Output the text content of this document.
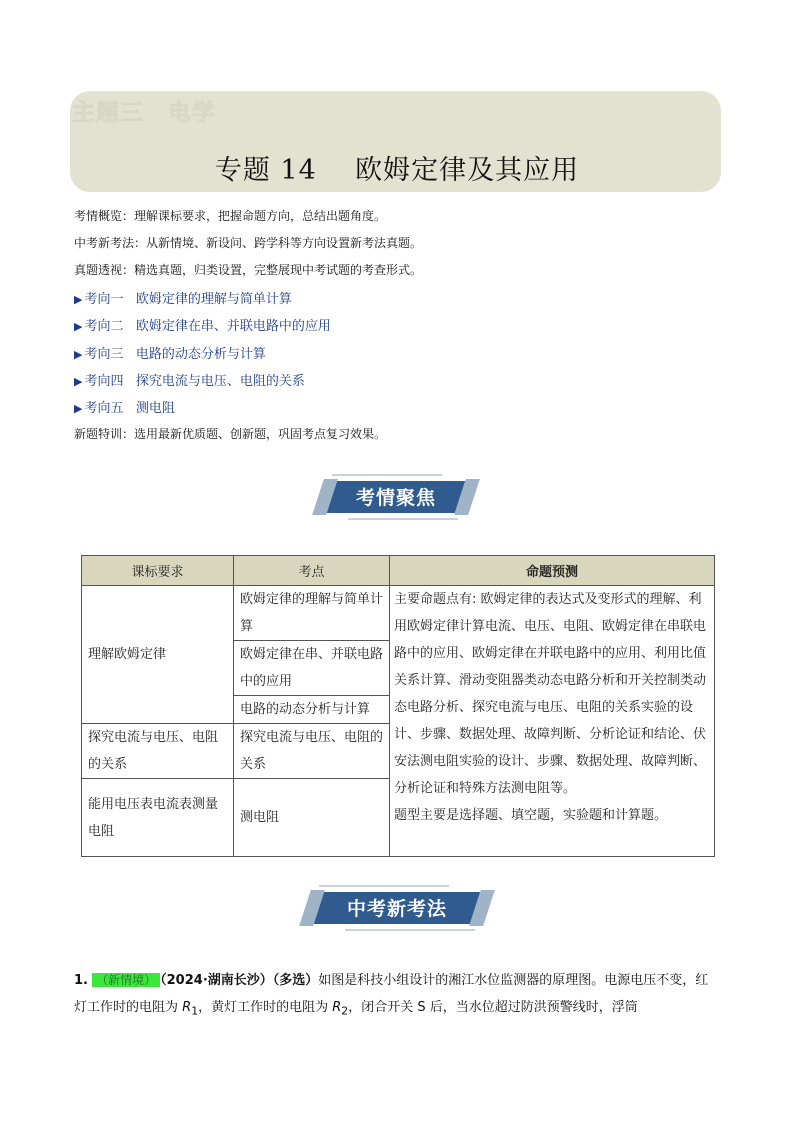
主题三　电学
专题 14 欧姆定律及其应用
考情概览：理解课标要求，把握命题方向，总结出题角度。
中考新考法：从新情境、新设问、跨学科等方向设置新考法真题。
真题透视：精选真题，归类设置，完整展现中考试题的考查形式。
▶ 考向一 欧姆定律的理解与简单计算
▶ 考向二 欧姆定律在串、并联电路中的应用
▶ 考向三 电路的动态分析与计算
▶ 考向四 探究电流与电压、电阻的关系
▶ 考向五 测电阻
新题特训：选用最新优质题、创新题，巩固考点复习效果。
考情聚焦
课标要求	考点	命题预测
理解欧姆定律	欧姆定律的理解与简单计算	主要命题点有: 欧姆定律的表达式及变形式的理解、利用欧姆定律计算电流、电压、电阻、欧姆定律在串联电路中的应用、欧姆定律在并联电路中的应用、利用比值关系计算、滑动变阻器类动态电路分析和开关控制类动态电路分析、探究电流与电压、电阻的关系实验的设计、步骤、数据处理、故障判断、分析论证和结论、伏安法测电阻实验的设计、步骤、数据处理、故障判断、分析论证和特殊方法测电阻等。
题型主要是选择题、填空题，实验题和计算题。

	欧姆定律在串、并联电路中的应用	
	电路的动态分析与计算	
探究电流与电压、电阻的关系	探究电流与电压、电阻的关系	
能用电压表电流表测量电阻	测电阻	
中考新考法
1. （新情境） （2024·湖南长沙）（多选）如图是科技小组设计的湘江水位监测器的原理图。电源电压不变，红灯工作时的电阻为 $R_1$，黄灯工作时的电阻为 $R_2$，闭合开关 S 后，当水位超过防洪预警线时，浮筒
